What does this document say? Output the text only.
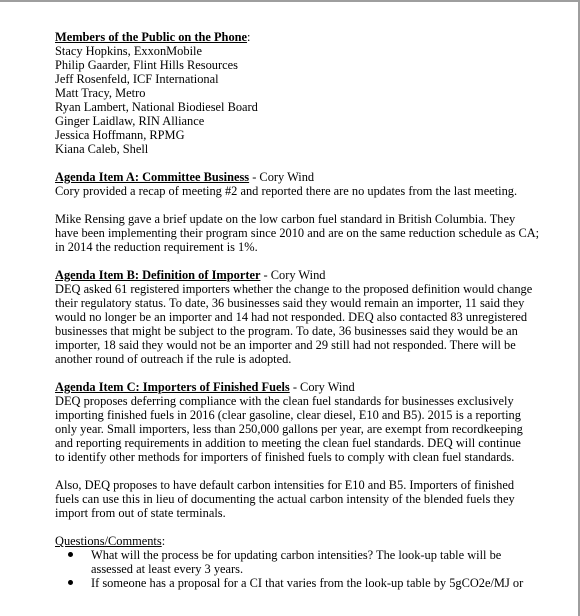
Members of the Public on the Phone:
Stacy Hopkins, ExxonMobile
Philip Gaarder, Flint Hills Resources
Jeff Rosenfeld, ICF International
Matt Tracy, Metro
Ryan Lambert, National Biodiesel Board
Ginger Laidlaw, RIN Alliance
Jessica Hoffmann, RPMG
Kiana Caleb, Shell
Agenda Item A: Committee Business - Cory Wind
Cory provided a recap of meeting #2 and reported there are no updates from the last meeting.
Mike Rensing gave a brief update on the low carbon fuel standard in British Columbia. They
have been implementing their program since 2010 and are on the same reduction schedule as CA;
in 2014 the reduction requirement is 1%.
Agenda Item B: Definition of Importer - Cory Wind
DEQ asked 61 registered importers whether the change to the proposed definition would change
their regulatory status. To date, 36 businesses said they would remain an importer, 11 said they
would no longer be an importer and 14 had not responded. DEQ also contacted 83 unregistered
businesses that might be subject to the program. To date, 36 businesses said they would be an
importer, 18 said they would not be an importer and 29 still had not responded. There will be
another round of outreach if the rule is adopted.
Agenda Item C: Importers of Finished Fuels - Cory Wind
DEQ proposes deferring compliance with the clean fuel standards for businesses exclusively
importing finished fuels in 2016 (clear gasoline, clear diesel, E10 and B5). 2015 is a reporting
only year. Small importers, less than 250,000 gallons per year, are exempt from recordkeeping
and reporting requirements in addition to meeting the clean fuel standards. DEQ will continue
to identify other methods for importers of finished fuels to comply with clean fuel standards.
Also, DEQ proposes to have default carbon intensities for E10 and B5. Importers of finished
fuels can use this in lieu of documenting the actual carbon intensity of the blended fuels they
import from out of state terminals.
Questions/Comments:
What will the process be for updating carbon intensities? The look-up table will be
assessed at least every 3 years.
If someone has a proposal for a CI that varies from the look-up table by 5gCO2e/MJ or
